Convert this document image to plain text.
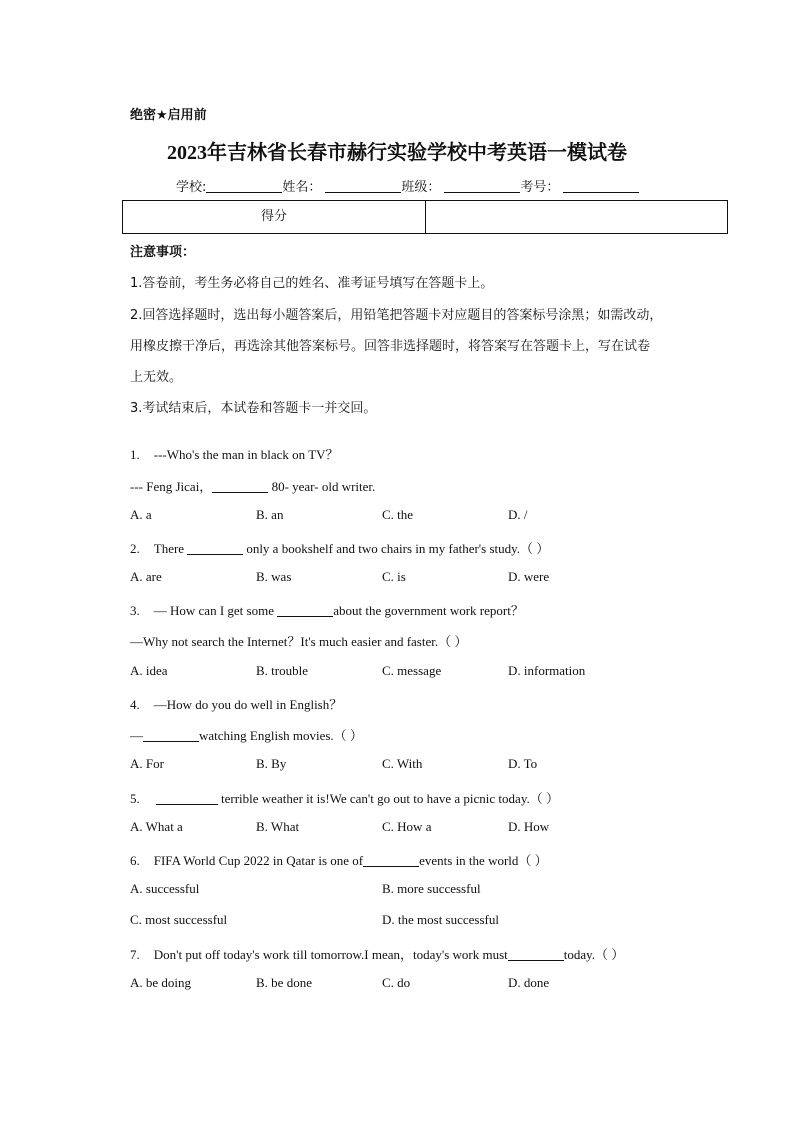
绝密★启用前
2023年吉林省长春市赫行实验学校中考英语一模试卷
学校:	姓名：	班级：	考号：
得分
注意事项：
1.答卷前，考生务必将自己的姓名、准考证号填写在答题卡上。
2.回答选择题时，选出每小题答案后，用铅笔把答题卡对应题目的答案标号涂黑；如需改动，
用橡皮擦干净后，再选涂其他答案标号。回答非选择题时，将答案写在答题卡上，写在试卷
上无效。
3.考试结束后，本试卷和答题卡一并交回。
1. ---Who's the man in black on TV？
--- Feng Jicai，	80- year- old writer.
A. a	B. an	C. the	D. /
2. There	only a bookshelf and two chairs in my father's study.（ ）
A. are	B. was	C. is	D. were
3. — How can I get some	about the government work report？
—Why not search the Internet？It's much easier and faster.（ ）
A. idea	B. trouble	C. message	D. information
4. —How do you do well in English？
—	watching English movies.（ ）
A. For	B. By	C. With	D. To
5.	terrible weather it is!We can't go out to have a picnic today.（ ）
A. What a	B. What	C. How a	D. How
6. FIFA World Cup 2022 in Qatar is one of	events in the world（ ）
A. successful	B. more successful
C. most successful	D. the most successful
7. Don't put off today's work till tomorrow.I mean，today's work must	today.（ ）
A. be doing	B. be done	C. do	D. done
